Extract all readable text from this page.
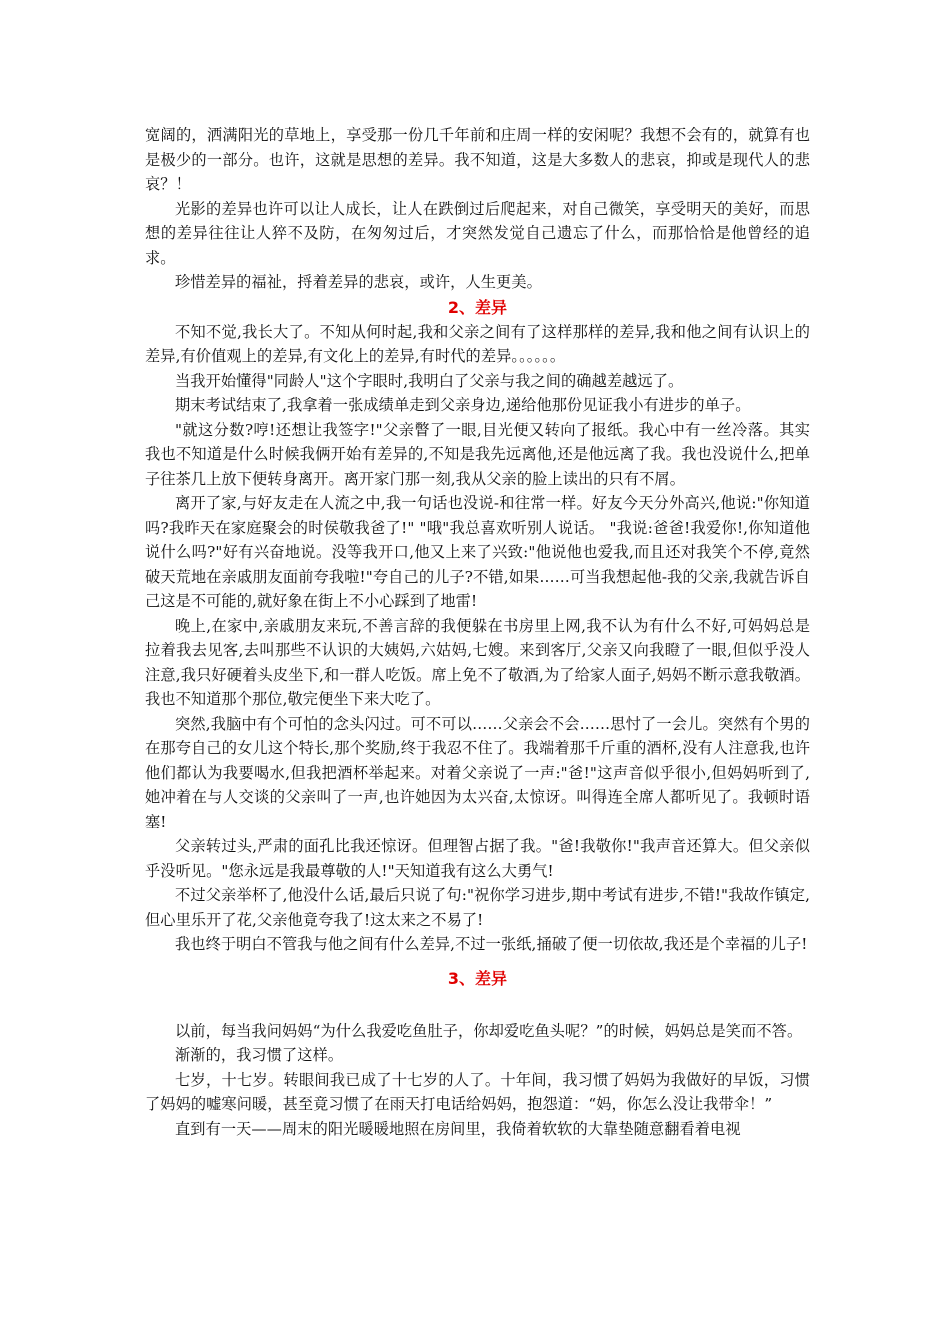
宽阔的，洒满阳光的草地上，享受那一份几千年前和庄周一样的安闲呢？我想不会有的，就算有也是极少的一部分。也许，这就是思想的差异。我不知道，这是大多数人的悲哀，抑或是现代人的悲哀？！

光影的差异也许可以让人成长，让人在跌倒过后爬起来，对自己微笑，享受明天的美好，而思想的差异往往让人猝不及防，在匆匆过后，才突然发觉自己遗忘了什么，而那恰恰是他曾经的追求。

珍惜差异的福祉，捋着差异的悲哀，或许，人生更美。

2、差异

不知不觉,我长大了。不知从何时起,我和父亲之间有了这样那样的差异,我和他之间有认识上的差异,有价值观上的差异,有文化上的差异,有时代的差异。。。。。。

当我开始懂得"同龄人"这个字眼时,我明白了父亲与我之间的确越差越远了。

期末考试结束了,我拿着一张成绩单走到父亲身边,递给他那份见证我小有进步的单子。

"就这分数?哼!还想让我签字!"父亲瞥了一眼,目光便又转向了报纸。我心中有一丝冷落。其实我也不知道是什么时候我俩开始有差异的,不知是我先远离他,还是他远离了我。我也没说什么,把单子往茶几上放下便转身离开。离开家门那一刻,我从父亲的脸上读出的只有不屑。

离开了家,与好友走在人流之中,我一句话也没说-和往常一样。好友今天分外高兴,他说:"你知道吗?我昨天在家庭聚会的时侯敬我爸了!" "哦"我总喜欢听别人说话。 "我说:爸爸!我爱你!,你知道他说什么吗?"好有兴奋地说。没等我开口,他又上来了兴致:"他说他也爱我,而且还对我笑个不停,竟然破天荒地在亲戚朋友面前夸我啦!"夸自己的儿子?不错,如果……可当我想起他-我的父亲,我就告诉自己这是不可能的,就好象在街上不小心踩到了地雷!

晚上,在家中,亲戚朋友来玩,不善言辞的我便躲在书房里上网,我不认为有什么不好,可妈妈总是拉着我去见客,去叫那些不认识的大姨妈,六姑妈,七嫂。来到客厅,父亲又向我瞪了一眼,但似乎没人注意,我只好硬着头皮坐下,和一群人吃饭。席上免不了敬酒,为了给家人面子,妈妈不断示意我敬酒。我也不知道那个那位,敬完便坐下来大吃了。

突然,我脑中有个可怕的念头闪过。可不可以……父亲会不会……思忖了一会儿。突然有个男的在那夸自己的女儿这个特长,那个奖励,终于我忍不住了。我端着那千斤重的酒杯,没有人注意我,也许他们都认为我要喝水,但我把酒杯举起来。对着父亲说了一声:"爸!"这声音似乎很小,但妈妈听到了,她冲着在与人交谈的父亲叫了一声,也许她因为太兴奋,太惊讶。叫得连全席人都听见了。我顿时语塞!

父亲转过头,严肃的面孔比我还惊讶。但理智占据了我。"爸!我敬你!"我声音还算大。但父亲似乎没听见。"您永远是我最尊敬的人!"天知道我有这么大勇气!

不过父亲举杯了,他没什么话,最后只说了句:"祝你学习进步,期中考试有进步,不错!"我故作镇定,但心里乐开了花,父亲他竟夸我了!这太来之不易了!

我也终于明白不管我与他之间有什么差异,不过一张纸,捅破了便一切依故,我还是个幸福的儿子!

3、差异

以前，每当我问妈妈“为什么我爱吃鱼肚子，你却爱吃鱼头呢？”的时候，妈妈总是笑而不答。

渐渐的，我习惯了这样。

七岁，十七岁。转眼间我已成了十七岁的人了。十年间，我习惯了妈妈为我做好的早饭，习惯了妈妈的嘘寒问暖，甚至竟习惯了在雨天打电话给妈妈，抱怨道：“妈，你怎么没让我带伞！”

直到有一天——周末的阳光暖暖地照在房间里，我倚着软软的大靠垫随意翻看着电视
